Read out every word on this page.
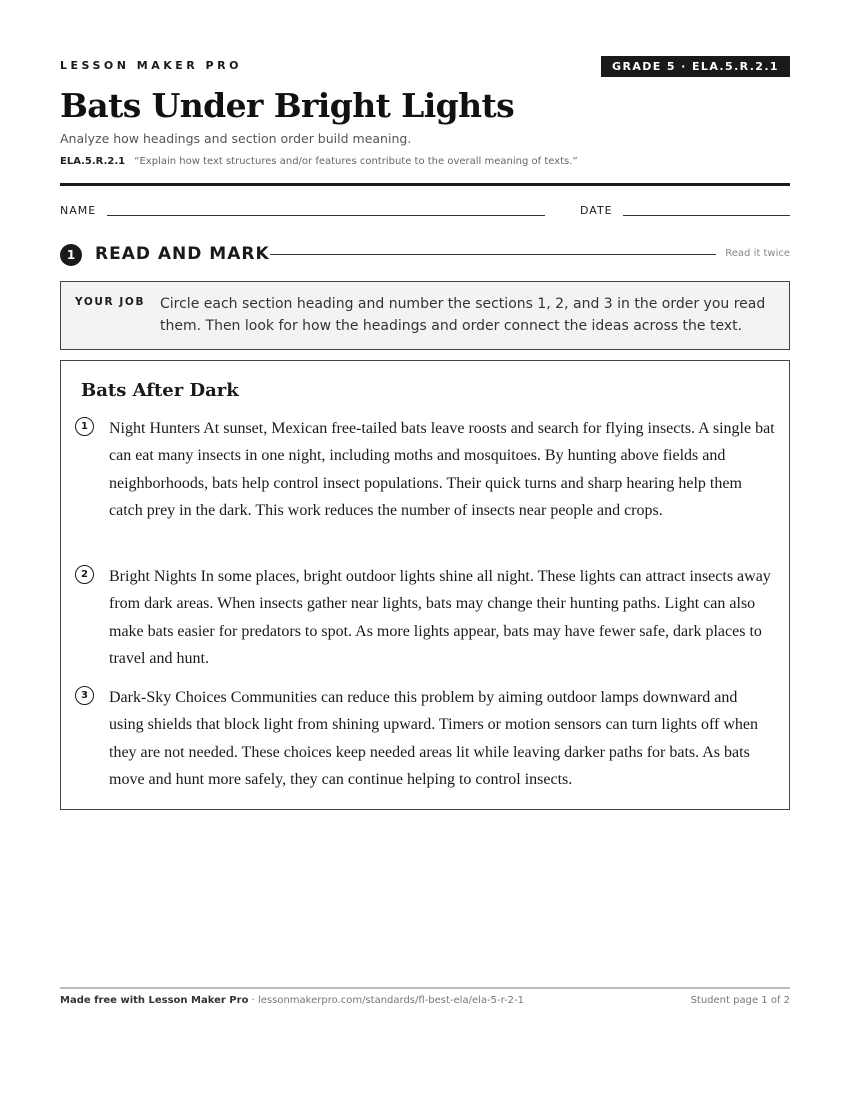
LESSON MAKER PRO	GRADE 5 · ELA.5.R.2.1
Bats Under Bright Lights
Analyze how headings and section order build meaning.
ELA.5.R.2.1 “Explain how text structures and/or features contribute to the overall meaning of texts.”
NAME	DATE
1	READ AND MARK	Read it twice
YOUR JOB Circle each section heading and number the sections 1, 2, and 3 in the order you read them. Then look for how the headings and order connect the ideas across the text.
Bats After Dark
1	Night Hunters At sunset, Mexican free-tailed bats leave roosts and search for flying insects. A single bat can eat many insects in one night, including moths and mosquitoes. By hunting above fields and neighborhoods, bats help control insect populations. Their quick turns and sharp hearing help them catch prey in the dark. This work reduces the number of insects near people and crops.

2	Bright Nights In some places, bright outdoor lights shine all night. These lights can attract insects away from dark areas. When insects gather near lights, bats may change their hunting paths. Light can also make bats easier for predators to spot. As more lights appear, bats may have fewer safe, dark places to travel and hunt.

3	Dark-Sky Choices Communities can reduce this problem by aiming outdoor lamps downward and using shields that block light from shining upward. Timers or motion sensors can turn lights off when they are not needed. These choices keep needed areas lit while leaving darker paths for bats. As bats move and hunt more safely, they can continue helping to control insects.

Made free with Lesson Maker Pro · lessonmakerpro.com/standards/fl-best-ela/ela-5-r-2-1	Student page 1 of 2
